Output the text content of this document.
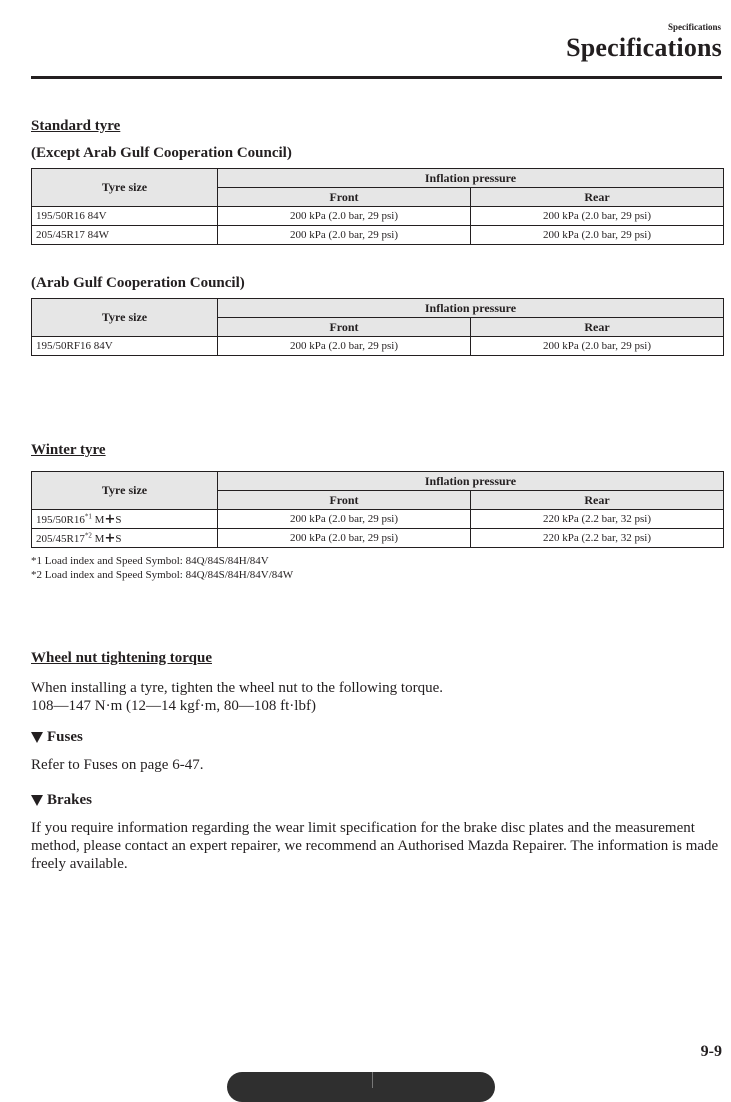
Specifications
Specifications
Standard tyre
(Except Arab Gulf Cooperation Council)
Tyre size	Inflation pressure	
	Front	Rear
195/50R16 84V	200 kPa (2.0 bar, 29 psi)	200 kPa (2.0 bar, 29 psi)
205/45R17 84W	200 kPa (2.0 bar, 29 psi)	200 kPa (2.0 bar, 29 psi)
(Arab Gulf Cooperation Council)
Tyre size	Inflation pressure	
	Front	Rear
195/50RF16 84V	200 kPa (2.0 bar, 29 psi)	200 kPa (2.0 bar, 29 psi)
Winter tyre
Tyre size	Inflation pressure	
	Front	Rear
195/50R16$^{*1}$ M+S	200 kPa (2.0 bar, 29 psi)	220 kPa (2.2 bar, 32 psi)
205/45R17$^{*2}$ M+S	200 kPa (2.0 bar, 29 psi)	220 kPa (2.2 bar, 32 psi)
*1 Load index and Speed Symbol: 84Q/84S/84H/84V
*2 Load index and Speed Symbol: 84Q/84S/84H/84V/84W
Wheel nut tightening torque

When installing a tyre, tighten the wheel nut to the following torque.

108—147 N·m (12—14 kgf·m, 80—108 ft·lbf)

Fuses

Refer to Fuses on page 6-47.

Brakes

If you require information regarding the wear limit specification for the brake disc plates and the measurement method, please contact an expert repairer, we recommend an Authorised Mazda Repairer. The information is made freely available.

9-9
